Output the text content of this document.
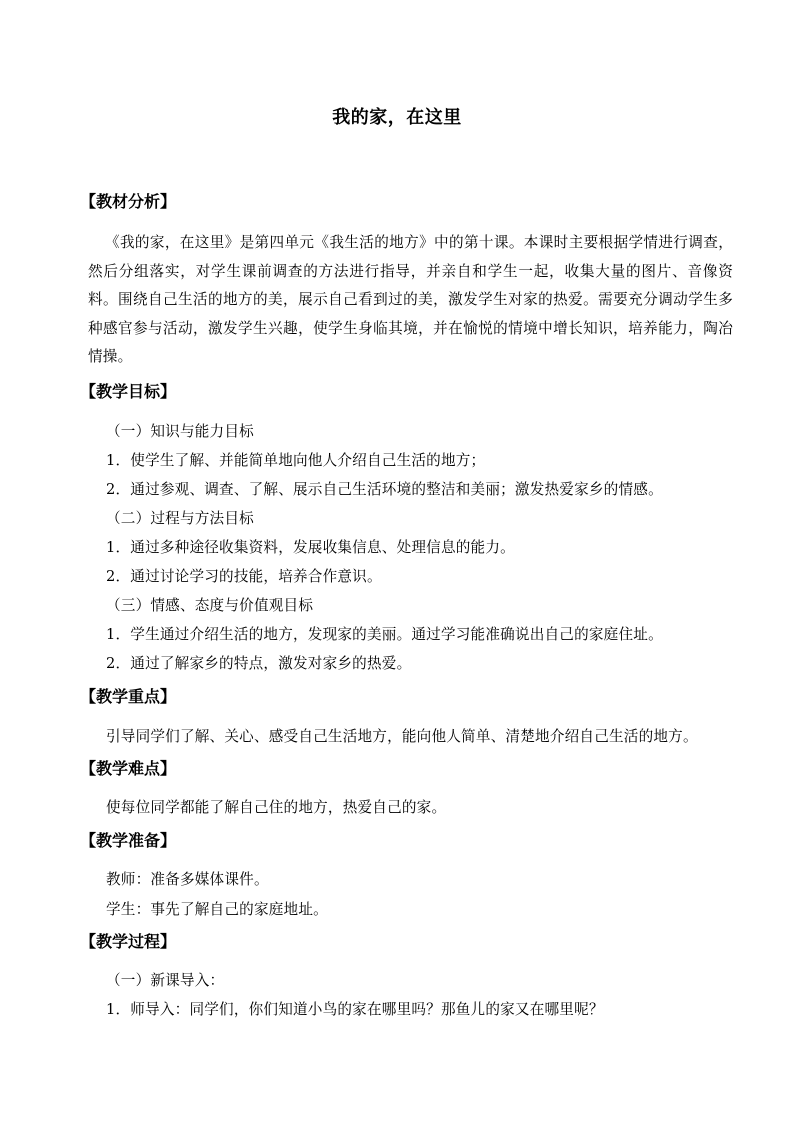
我的家，在这里
【教材分析】
《我的家，在这里》是第四单元《我生活的地方》中的第十课。本课时主要根据学情进行调查，然后分组落实，对学生课前调查的方法进行指导，并亲自和学生一起，收集大量的图片、音像资料。围绕自己生活的地方的美，展示自己看到过的美，激发学生对家的热爱。需要充分调动学生多种感官参与活动，激发学生兴趣，使学生身临其境，并在愉悦的情境中增长知识，培养能力，陶冶情操。
【教学目标】
（一）知识与能力目标
1．使学生了解、并能简单地向他人介绍自己生活的地方；
2．通过参观、调查、了解、展示自己生活环境的整洁和美丽；激发热爱家乡的情感。
（二）过程与方法目标
1．通过多种途径收集资料，发展收集信息、处理信息的能力。
2．通过讨论学习的技能，培养合作意识。
（三）情感、态度与价值观目标
1．学生通过介绍生活的地方，发现家的美丽。通过学习能准确说出自己的家庭住址。
2．通过了解家乡的特点，激发对家乡的热爱。
【教学重点】
引导同学们了解、关心、感受自己生活地方，能向他人简单、清楚地介绍自己生活的地方。
【教学难点】
使每位同学都能了解自己住的地方，热爱自己的家。
【教学准备】
教师：准备多媒体课件。
学生：事先了解自己的家庭地址。
【教学过程】
（一）新课导入：
1．师导入：同学们，你们知道小鸟的家在哪里吗？那鱼儿的家又在哪里呢？
